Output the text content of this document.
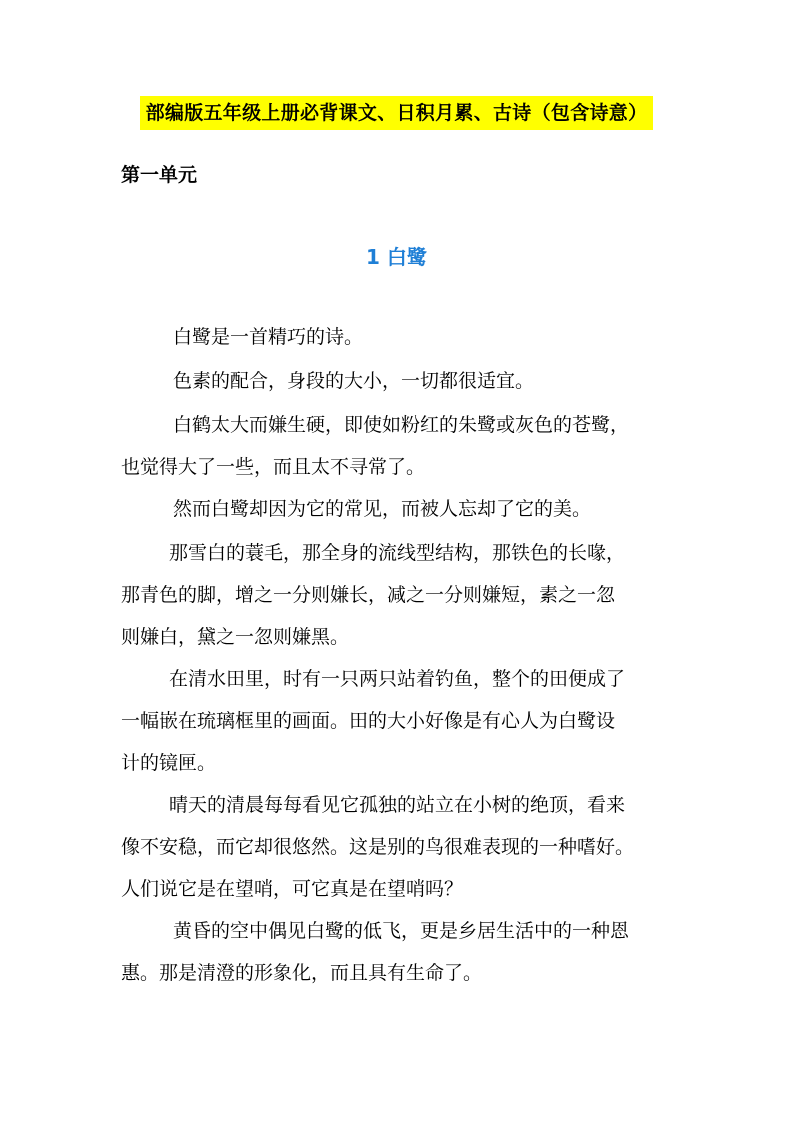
部编版五年级上册必背课文、日积月累、古诗（包含诗意）
第一单元
1 白鹭
白鹭是一首精巧的诗。
色素的配合，身段的大小，一切都很适宜。
白鹤太大而嫌生硬，即使如粉红的朱鹭或灰色的苍鹭，
也觉得大了一些，而且太不寻常了。
然而白鹭却因为它的常见，而被人忘却了它的美。
那雪白的蓑毛，那全身的流线型结构，那铁色的长喙，
那青色的脚，增之一分则嫌长，减之一分则嫌短，素之一忽
则嫌白，黛之一忽则嫌黑。
在清水田里，时有一只两只站着钓鱼，整个的田便成了
一幅嵌在琉璃框里的画面。田的大小好像是有心人为白鹭设
计的镜匣。
晴天的清晨每每看见它孤独的站立在小树的绝顶，看来
像不安稳，而它却很悠然。这是别的鸟很难表现的一种嗜好。
人们说它是在望哨，可它真是在望哨吗？
黄昏的空中偶见白鹭的低飞，更是乡居生活中的一种恩
惠。那是清澄的形象化，而且具有生命了。
